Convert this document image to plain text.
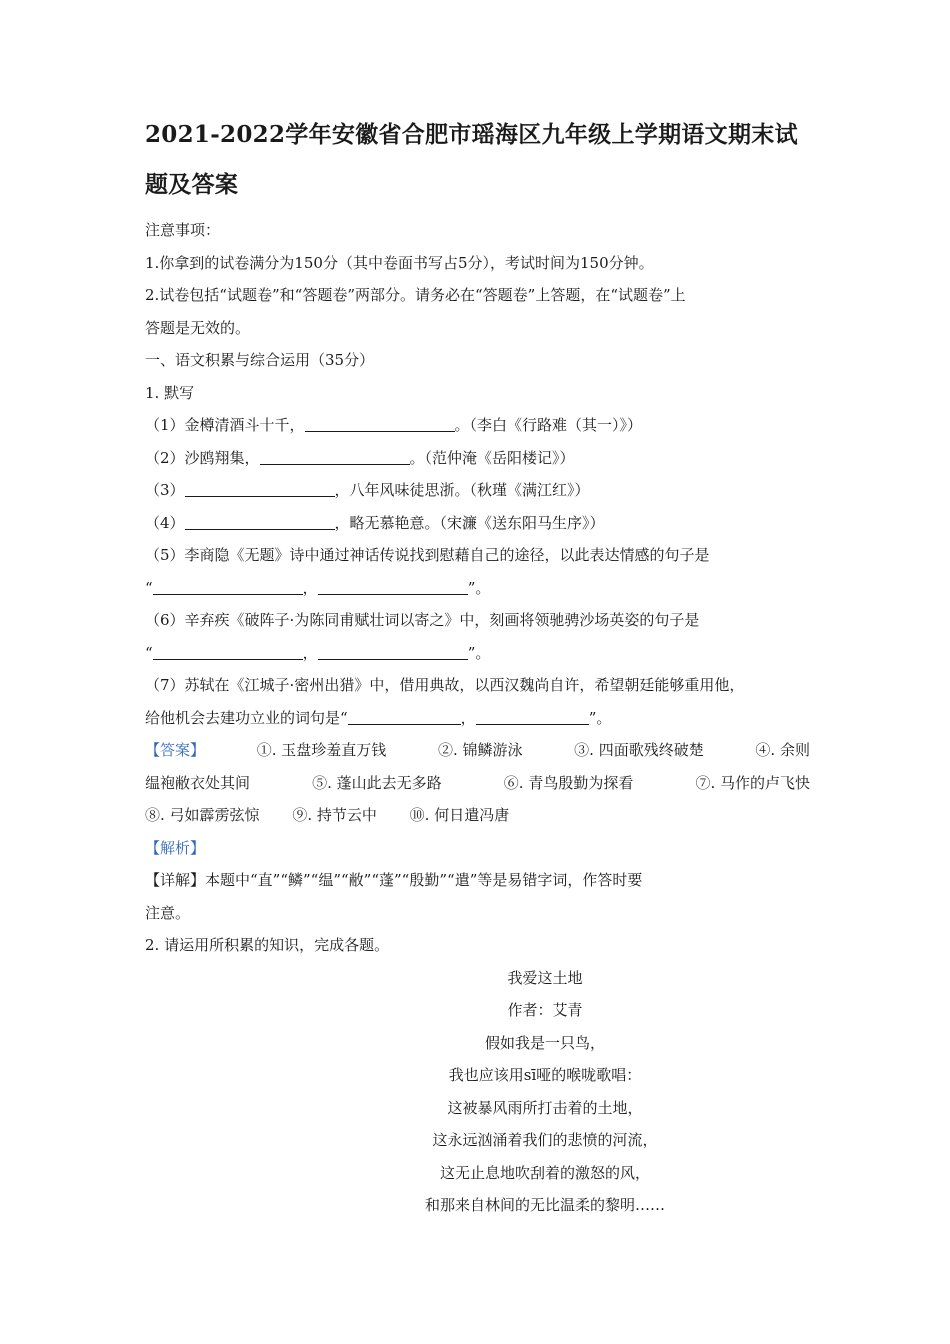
2021-2022学年安徽省合肥市瑶海区九年级上学期语文期末试题及答案

注意事项：

1.你拿到的试卷满分为150分（其中卷面书写占5分），考试时间为150分钟。

2.试卷包括“试题卷”和“答题卷”两部分。请务必在“答题卷”上答题，在“试题卷”上

答题是无效的。

一、语文积累与综合运用（35分）

1. 默写

（1）金樽清酒斗十千，	。（李白《行路难（其一）》）

（2）沙鸥翔集，	。（范仲淹《岳阳楼记》）

（3）	，八年风味徒思浙。（秋瑾《满江红》）

（4）	，略无慕艳意。（宋濂《送东阳马生序》）

（5）李商隐《无题》诗中通过神话传说找到慰藉自己的途径，以此表达情感的句子是

“	，	”。

（6）辛弃疾《破阵子·为陈同甫赋壮词以寄之》中，刻画将领驰骋沙场英姿的句子是

“	，	”。

（7）苏轼在《江城子·密州出猎》中，借用典故，以西汉魏尚自许，希望朝廷能够重用他，

给他机会去建功立业的词句是“	，	”。

【答案】	①. 玉盘珍羞直万钱	②. 锦鳞游泳	③. 四面歌残终破楚	④. 余则

缊袍敝衣处其间	⑤. 蓬山此去无多路	⑥. 青鸟殷勤为探看	⑦. 马作的卢飞快

⑧. 弓如霹雳弦惊 ⑨. 持节云中 ⑩. 何日遣冯唐

【解析】

【详解】本题中“直”“鳞”“缊”“敝”“蓬”“殷勤”“遣”等是易错字词，作答时要

注意。

2. 请运用所积累的知识，完成各题。

我爱这土地

作者：艾青

假如我是一只鸟，

我也应该用sī哑的喉咙歌唱：

这被暴风雨所打击着的土地，

这永远汹涌着我们的悲愤的河流，

这无止息地吹刮着的激怒的风，

和那来自林间的无比温柔的黎明……
